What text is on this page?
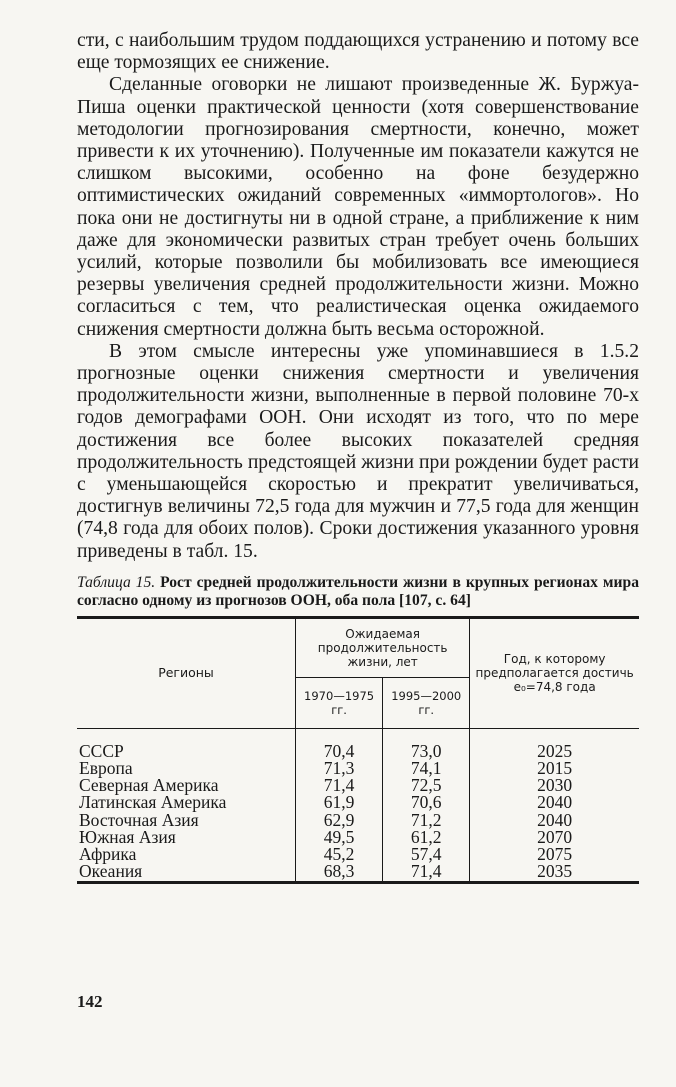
сти, с наибольшим трудом поддающихся устранению и потому все еще тормозящих ее снижение.

Сделанные оговорки не лишают произведенные Ж. Буржуа-Пиша оценки практической ценности (хотя совершенствование методологии прогнозирования смертности, конечно, может привести к их уточнению). Полученные им показатели кажутся не слишком высокими, особенно на фоне безудержно оптимистических ожиданий современных «иммортологов». Но пока они не достигнуты ни в одной стране, а приближение к ним даже для экономически развитых стран требует очень больших усилий, которые позволили бы мобилизовать все имеющиеся резервы увеличения средней продолжительности жизни. Можно согласиться с тем, что реалистическая оценка ожидаемого снижения смертности должна быть весьма осторожной.

В этом смысле интересны уже упоминавшиеся в 1.5.2 прогнозные оценки снижения смертности и увеличения продолжительности жизни, выполненные в первой половине 70-х годов демографами ООН. Они исходят из того, что по мере достижения все более высоких показателей средняя продолжительность предстоящей жизни при рождении будет расти с уменьшающейся скоростью и прекратит увеличиваться, достигнув величины 72,5 года для мужчин и 77,5 года для женщин (74,8 года для обоих полов). Сроки достижения указанного уровня приведены в табл. 15.

Таблица 15. Рост средней продолжительности жизни в крупных регионах мира согласно одному из прогнозов ООН, оба пола [107, с. 64]
Регионы	Ожидаемая продолжительность жизни, лет		Год, к которому предполагается достичь e₀=74,8 года
	1970—1975 гг.	1995—2000 гг.	

СССР	70,4	73,0	2025
Европа	71,3	74,1	2015
Северная Америка	71,4	72,5	2030
Латинская Америка	61,9	70,6	2040
Восточная Азия	62,9	71,2	2040
Южная Азия	49,5	61,2	2070
Африка	45,2	57,4	2075
Океания	68,3	71,4	2035
142
